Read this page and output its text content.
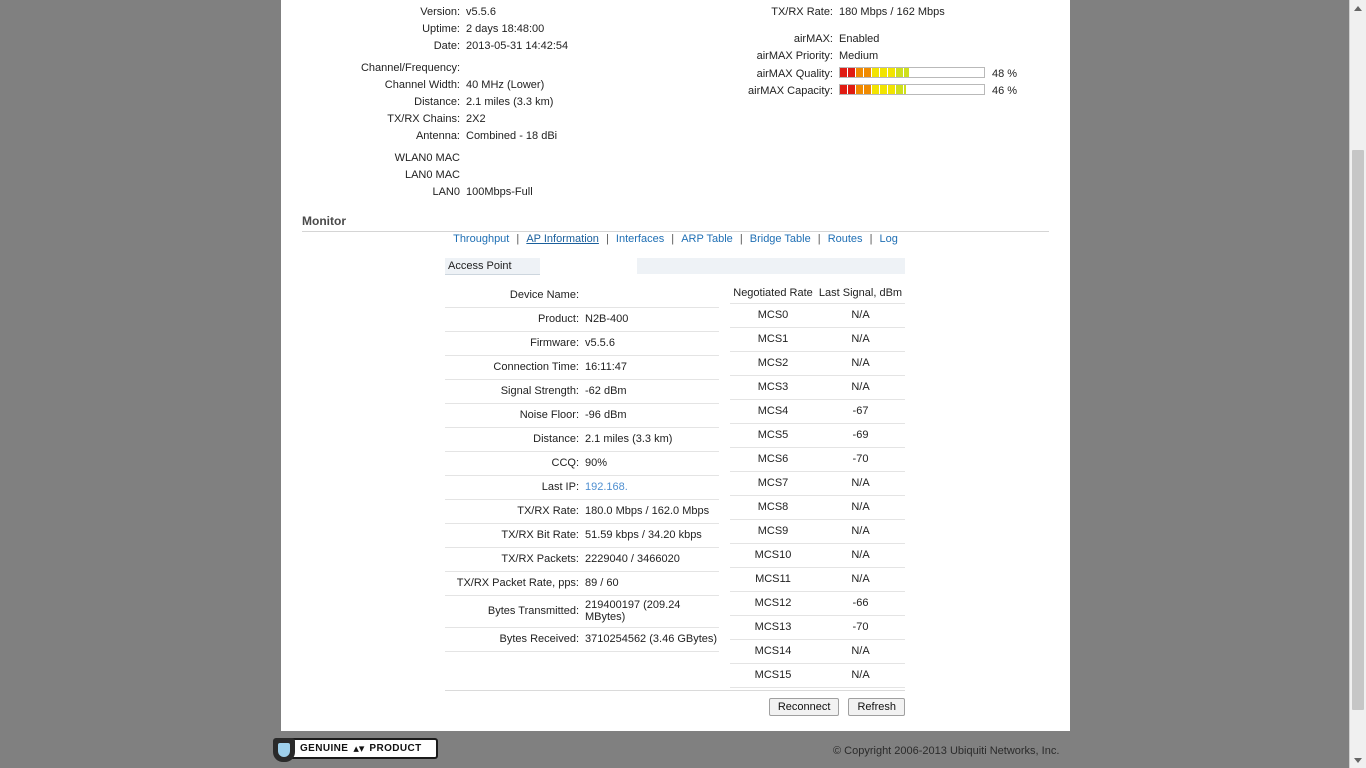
Version: v5.5.6
Uptime: 2 days 18:48:00
Date: 2013-05-31 14:42:54
Channel/Frequency:
Channel Width: 40 MHz (Lower)
Distance: 2.1 miles (3.3 km)
TX/RX Chains: 2X2
Antenna: Combined - 18 dBi
WLAN0 MAC
LAN0 MAC
LAN0 100Mbps-Full
TX/RX Rate: 180 Mbps / 162 Mbps
airMAX: Enabled
airMAX Priority: Medium
airMAX Quality:	48 %
airMAX Capacity:	46 %
Monitor
Throughput | AP Information | Interfaces | ARP Table | Bridge Table | Routes | Log
Access Point
Device Name:	
Product:	N2B-400
Firmware:	v5.5.6
Connection Time:	16:11:47
Signal Strength:	-62 dBm
Noise Floor:	-96 dBm
Distance:	2.1 miles (3.3 km)
CCQ:	90%
Last IP:	192.168.
TX/RX Rate:	180.0 Mbps / 162.0 Mbps
TX/RX Bit Rate:	51.59 kbps / 34.20 kbps
TX/RX Packets:	2229040 / 3466020
TX/RX Packet Rate, pps:	89 / 60
Bytes Transmitted:	219400197 (209.24 MBytes)
Bytes Received:	3710254562 (3.46 GBytes)
Negotiated Rate	Last Signal, dBm
MCS0	N/A
MCS1	N/A
MCS2	N/A
MCS3	N/A
MCS4	-67
MCS5	-69
MCS6	-70
MCS7	N/A
MCS8	N/A
MCS9	N/A
MCS10	N/A
MCS11	N/A
MCS12	-66
MCS13	-70
MCS14	N/A
MCS15	N/A
Reconnect Refresh
GENUINE ▴▾ PRODUCT	© Copyright 2006-2013 Ubiquiti Networks, Inc.
